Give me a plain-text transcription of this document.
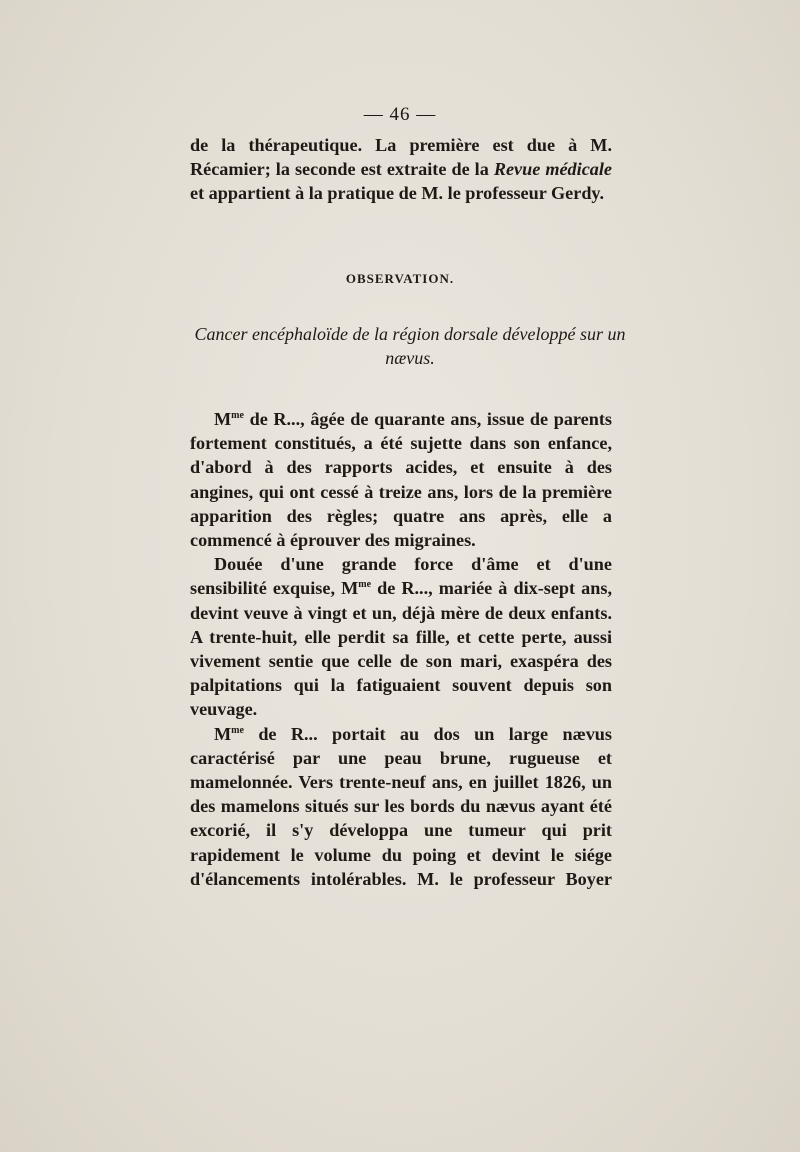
— 46 —

de la thérapeutique. La première est due à M. Récamier; la seconde est extraite de la Revue médicale et appartient à la pratique de M. le professeur Gerdy.

OBSERVATION.
Cancer encéphaloïde de la région dorsale développé sur un nævus.

$M^{me}$ de R..., âgée de quarante ans, issue de parents fortement constitués, a été sujette dans son enfance, d'abord à des rapports acides, et ensuite à des angines, qui ont cessé à treize ans, lors de la première apparition des règles; quatre ans après, elle a commencé à éprouver des migraines.

Douée d'une grande force d'âme et d'une sensibilité exquise, $M^{me}$ de R..., mariée à dix-sept ans, devint veuve à vingt et un, déjà mère de deux enfants. A trente-huit, elle perdit sa fille, et cette perte, aussi vivement sentie que celle de son mari, exaspéra des palpitations qui la fatiguaient souvent depuis son veuvage.

$M^{me}$ de R... portait au dos un large nævus caractérisé par une peau brune, rugueuse et mamelonnée. Vers trente-neuf ans, en juillet 1826, un des mamelons situés sur les bords du nævus ayant été excorié, il s'y développa une tumeur qui prit rapidement le volume du poing et devint le siége d'élancements intolérables. M. le professeur Boyer
